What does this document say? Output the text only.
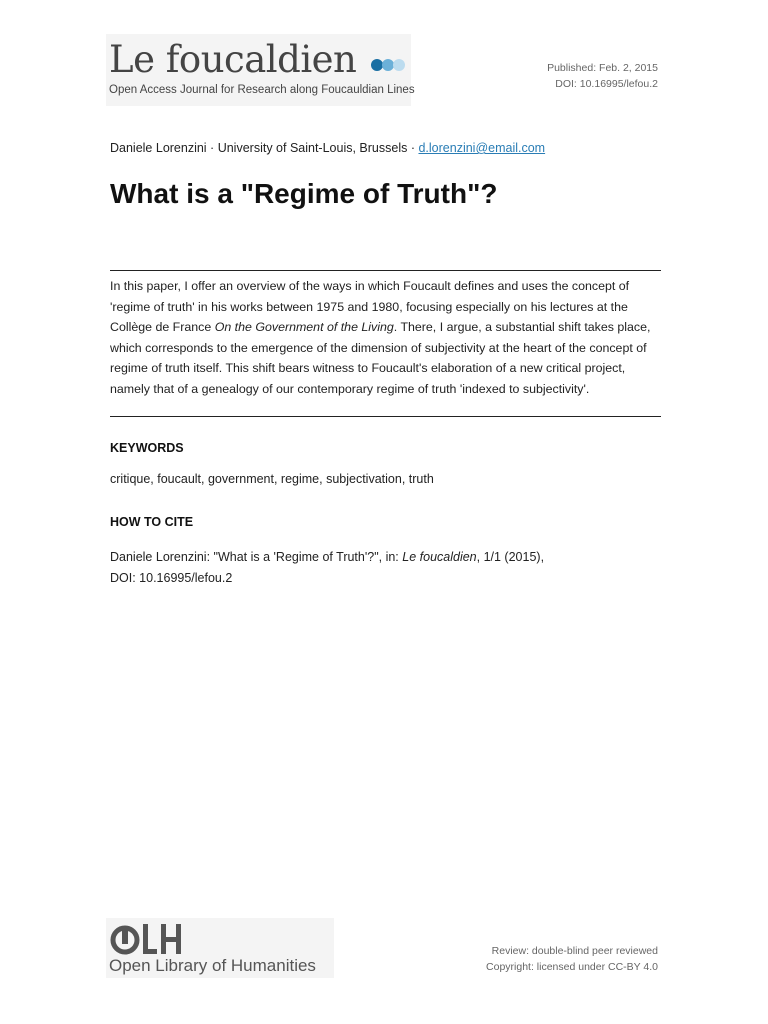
Le foucaldien
Open Access Journal for Research along Foucauldian Lines
Published: Feb. 2, 2015
DOI: 10.16995/lefou.2
Daniele Lorenzini · University of Saint-Louis, Brussels · d.lorenzini@email.com
What is a "Regime of Truth"?

In this paper, I offer an overview of the ways in which Foucault defines and uses the concept of 'regime of truth' in his works between 1975 and 1980, focusing especially on his lectures at the Collège de France On the Government of the Living. There, I argue, a substantial shift takes place, which corresponds to the emergence of the dimension of subjectivity at the heart of the concept of regime of truth itself. This shift bears witness to Foucault's elaboration of a new critical project, namely that of a genealogy of our contemporary regime of truth 'indexed to subjectivity'.

KEYWORDS
critique, foucault, government, regime, subjectivation, truth
HOW TO CITE
Daniele Lorenzini: "What is a 'Regime of Truth'?", in: Le foucaldien, 1/1 (2015),
DOI: 10.16995/lefou.2
Open Library of Humanities
Review: double-blind peer reviewed
Copyright: licensed under CC-BY 4.0
